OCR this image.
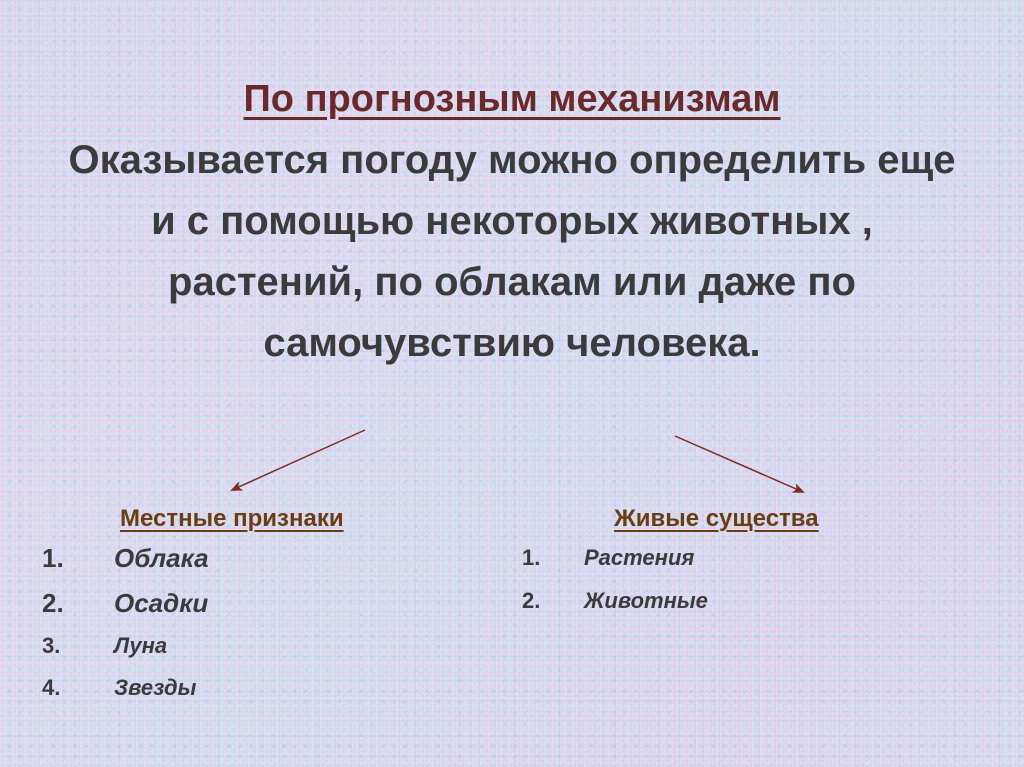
По прогнозным механизмам
Оказывается погоду можно определить еще и с помощью некоторых животных , растений, по облакам или даже по самочувствию человека.
Местные признаки	Живые существа
1. Облака
2. Осадки
3. Луна
4. Звезды
1. Растения
2. Животные
